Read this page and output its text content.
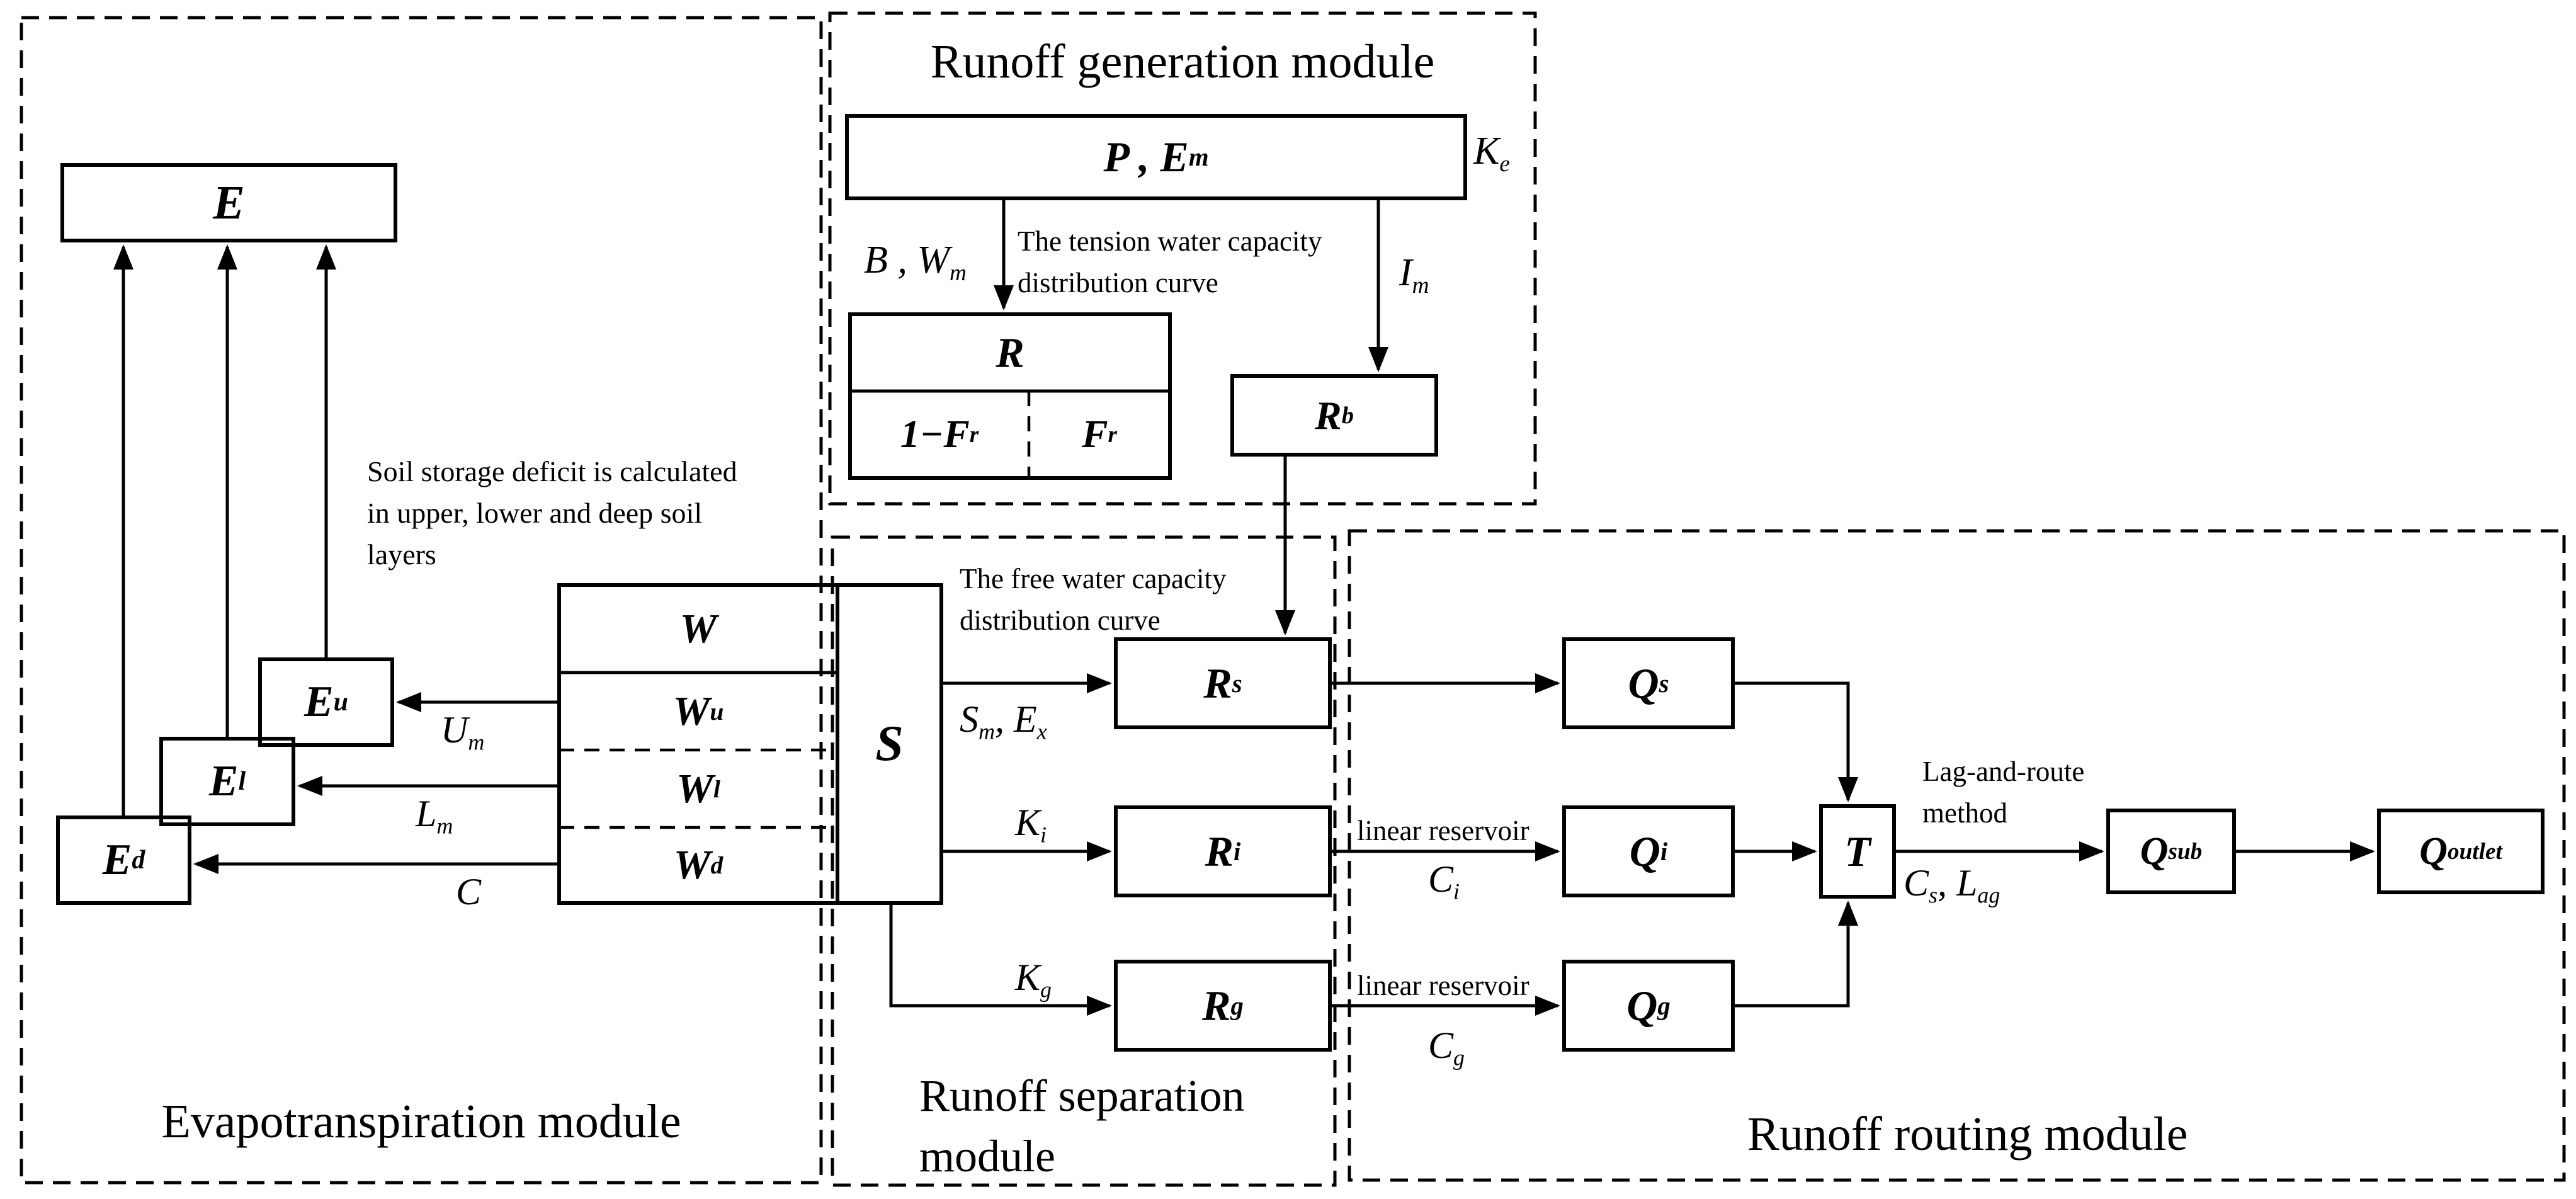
E
E u
E l
E d
W
W u
W l
W d
S
P , E m
R
1−F r	F r	R b
R s
R i
R g
Q s
Q i
Q g
T	Q sub	Q outlet
$K_e$
B , $W_m$	$I_m$
$U_m$
$L_m$
C
$S_m$, $E_x$
$K_i$
$K_g$
$C_i$
$C_g$
$C_s$, $L_{ag}$
Soil storage deficit is calculated
in upper, lower and deep soil
layers
The tension water capacity
distribution curve
The free water capacity
distribution curve
linear reservoir
linear reservoir
Lag-and-route
method
Runoff generation module
Evapotranspiration module	Runoff separation
module	Runoff routing module
